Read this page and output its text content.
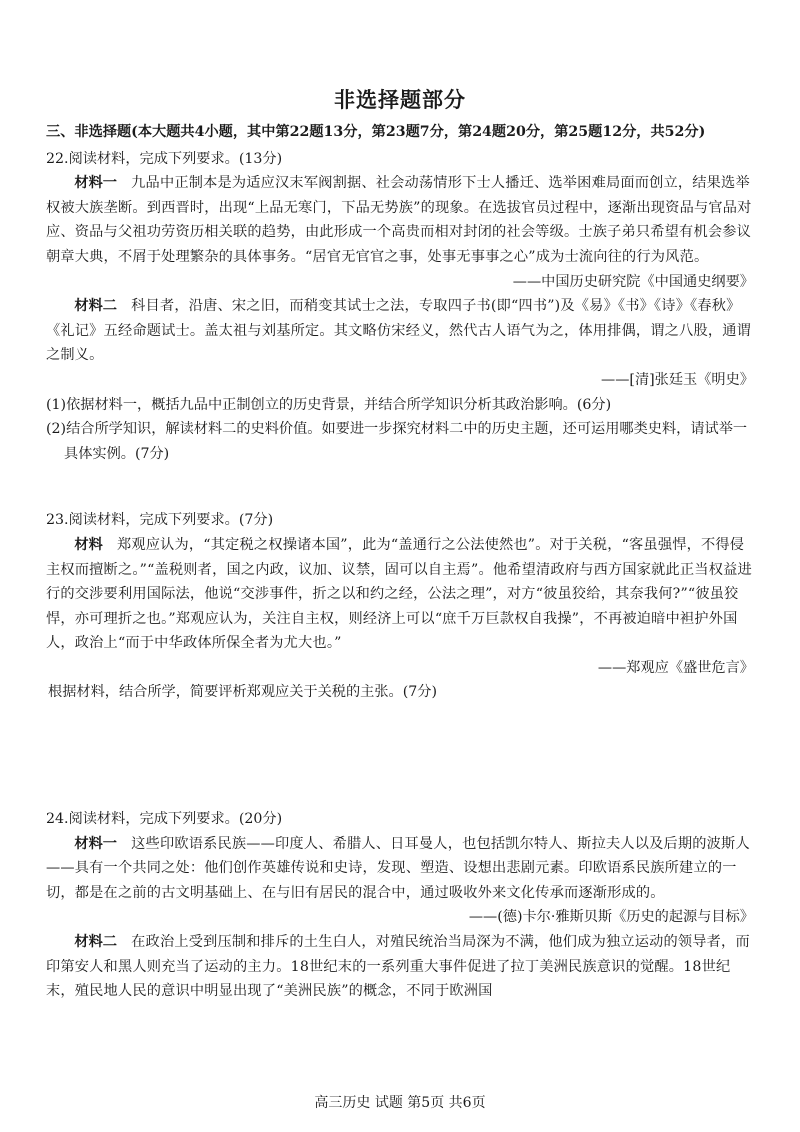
非选择题部分

三、非选择题(本大题共4小题，其中第22题13分，第23题7分，第24题20分，第25题12分，共52分)

22.阅读材料，完成下列要求。(13分)

材料一　 九品中正制本是为适应汉末军阀割据、社会动荡情形下士人播迁、选举困难局面而创立，结果选举权被大族垄断。到西晋时，出现“上品无寒门，下品无势族”的现象。在选拔官员过程中，逐渐出现资品与官品对应、资品与父祖功劳资历相关联的趋势，由此形成一个高贵而相对封闭的社会等级。士族子弟只希望有机会参议朝章大典，不屑于处理繁杂的具体事务。“居官无官官之事，处事无事事之心”成为士流向往的行为风范。

——中国历史研究院《中国通史纲要》

材料二　 科目者，沿唐、宋之旧，而稍变其试士之法，专取四子书(即“四书”)及《易》《书》《诗》《春秋》《礼记》五经命题试士。盖太祖与刘基所定。其文略仿宋经义，然代古人语气为之，体用排偶，谓之八股，通谓之制义。

——[清]张廷玉《明史》

(1)依据材料一，概括九品中正制创立的历史背景，并结合所学知识分析其政治影响。(6分)

(2)结合所学知识，解读材料二的史料价值。如要进一步探究材料二中的历史主题，还可运用哪类史料，请试举一具体实例。(7分)

23.阅读材料，完成下列要求。(7分)

材料　 郑观应认为，“其定税之权操诸本国”，此为“盖通行之公法使然也”。对于关税，“客虽强悍，不得侵主权而擅断之。”“盖税则者，国之内政，议加、议禁，固可以自主焉”。他希望清政府与西方国家就此正当权益进行的交涉要利用国际法，他说“交涉事件，折之以和约之经，公法之理”，对方“彼虽狡给，其奈我何?”“彼虽狡悍，亦可理折之也。”郑观应认为，关注自主权，则经济上可以“庶千万巨款权自我操”，不再被迫暗中袒护外国人，政治上“而于中华政体所保全者为尤大也。”

——郑观应《盛世危言》

根据材料，结合所学，简要评析郑观应关于关税的主张。(7分)

24.阅读材料，完成下列要求。(20分)

材料一　 这些印欧语系民族——印度人、希腊人、日耳曼人，也包括凯尔特人、斯拉夫人以及后期的波斯人——具有一个共同之处：他们创作英雄传说和史诗，发现、塑造、设想出悲剧元素。印欧语系民族所建立的一切，都是在之前的古文明基础上、在与旧有居民的混合中，通过吸收外来文化传承而逐渐形成的。

——(德)卡尔·雅斯贝斯《历史的起源与目标》

材料二　 在政治上受到压制和排斥的土生白人，对殖民统治当局深为不满，他们成为独立运动的领导者，而印第安人和黑人则充当了运动的主力。18世纪末的一系列重大事件促进了拉丁美洲民族意识的觉醒。18世纪末，殖民地人民的意识中明显出现了“美洲民族”的概念，不同于欧洲国

高三历史 试题 第5页 共6页
